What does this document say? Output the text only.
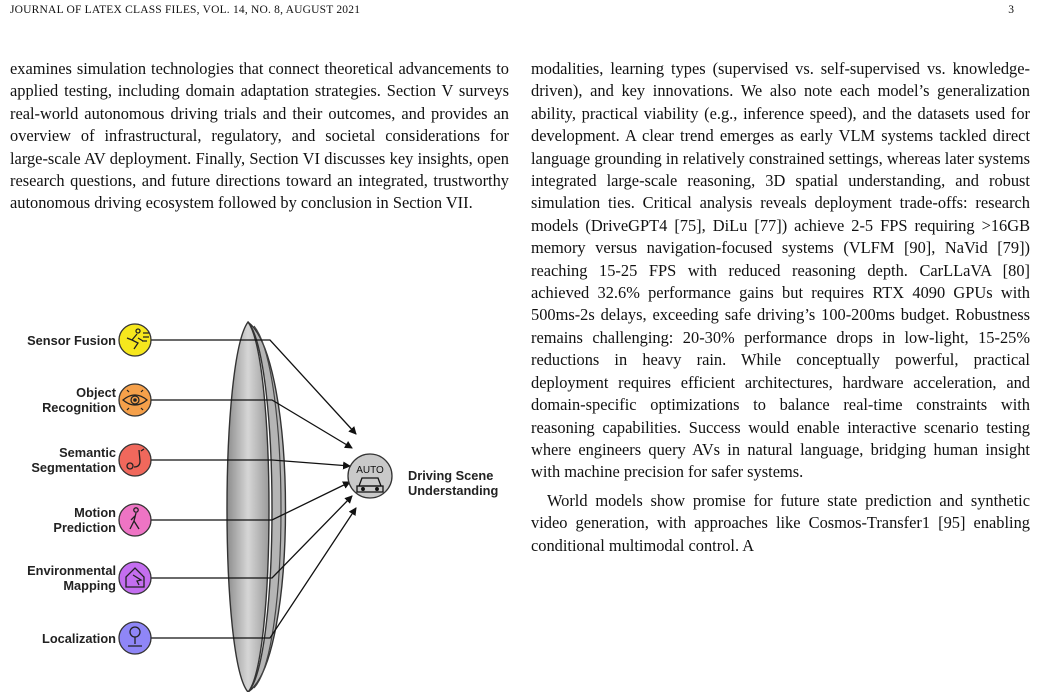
JOURNAL OF LATEX CLASS FILES, VOL. 14, NO. 8, AUGUST 2021	3
examines simulation technologies that connect theoretical advancements to applied testing, including domain adaptation strategies. Section V surveys real-world autonomous driving trials and their outcomes, and provides an overview of infrastructural, regulatory, and societal considerations for large-scale AV deployment. Finally, Section VI discusses key insights, open research questions, and future directions toward an integrated, trustworthy autonomous driving ecosystem followed by conclusion in Section VII.
AUTO
Sensor Fusion
Object
Recognition
Semantic
Segmentation
Motion
Prediction
Environmental
Mapping
Localization
Driving Scene
Understanding

modalities, learning types (supervised vs. self-supervised vs. knowledge-driven), and key innovations. We also note each model’s generalization ability, practical viability (e.g., inference speed), and the datasets used for development. A clear trend emerges as early VLM systems tackled direct language grounding in relatively constrained settings, whereas later systems integrated large-scale reasoning, 3D spatial understanding, and robust simulation ties. Critical analysis reveals deployment trade-offs: research models (DriveGPT4 [75], DiLu [77]) achieve 2-5 FPS requiring >16GB memory versus navigation-focused systems (VLFM [90], NaVid [79]) reaching 15-25 FPS with reduced reasoning depth. CarLLaVA [80] achieved 32.6% performance gains but requires RTX 4090 GPUs with 500ms-2s delays, exceeding safe driving’s 100-200ms budget. Robustness remains challenging: 20-30% performance drops in low-light, 15-25% reductions in heavy rain. While conceptually powerful, practical deployment requires efficient architectures, hardware acceleration, and domain-specific optimizations to balance real-time constraints with reasoning capabilities. Success would enable interactive scenario testing where engineers query AVs in natural language, bridging human insight with machine precision for safer systems.

World models show promise for future state prediction and synthetic video generation, with approaches like Cosmos-Transfer1 [95] enabling conditional multimodal control. A
